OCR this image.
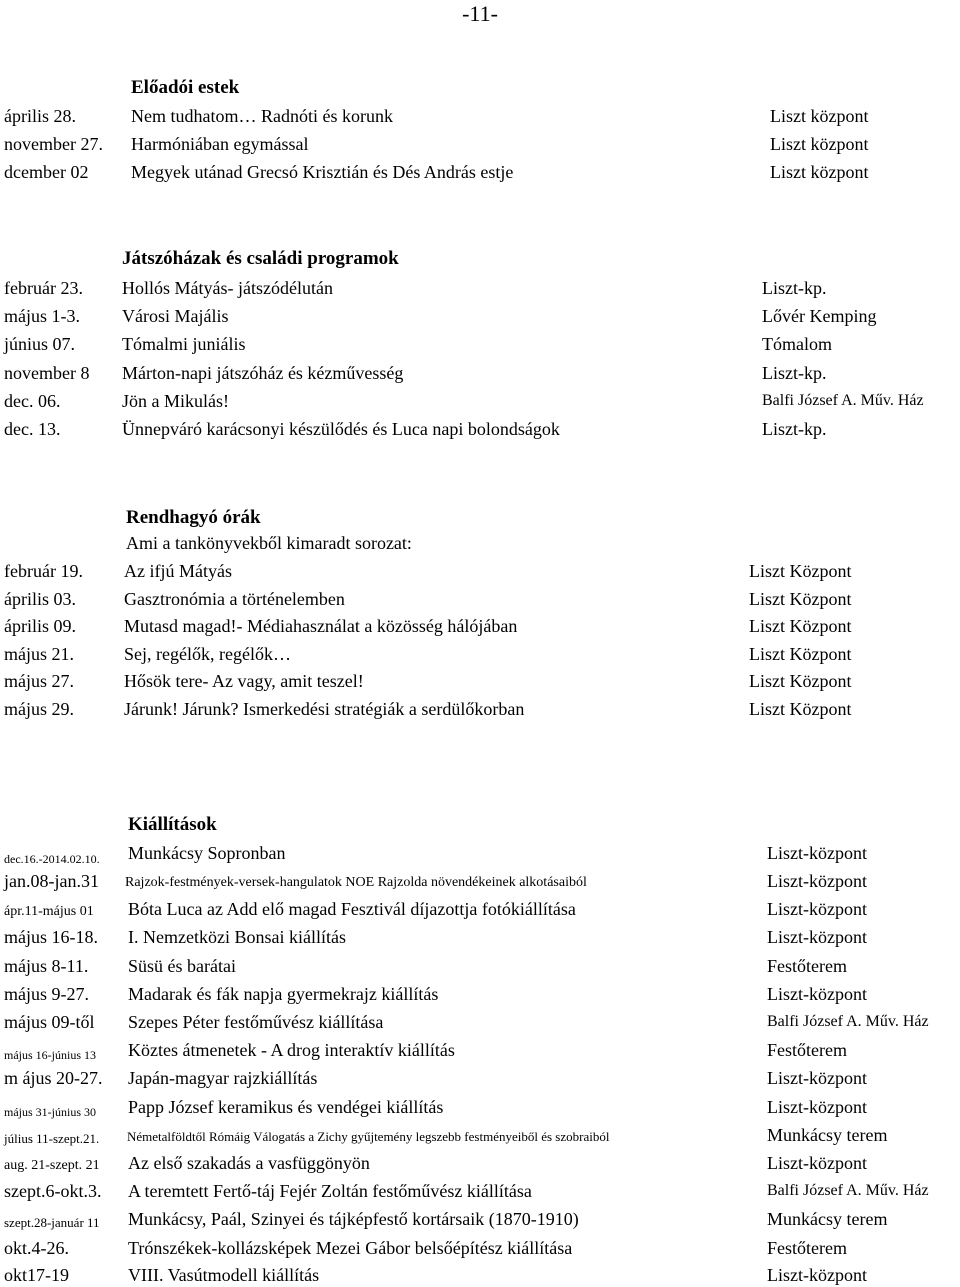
-11-
Előadói estek
április 28.	Nem tudhatom… Radnóti és korunk	Liszt központ
november 27. Harmóniában egymással	Liszt központ
dcember 02 Megyek utánad Grecsó Krisztián és Dés András estje	Liszt központ
Játszóházak és családi programok
február 23. Hollós Mátyás- játszódélután	Liszt-kp.
május 1-3. Városi Majális	Lővér Kemping
június 07.	Tómalmi juniális	Tómalom
november 8 Márton-napi játszóház és kézművesség	Liszt-kp.
dec. 06.	Jön a Mikulás!	Balfi József A. Műv. Ház
dec. 13.	Ünnepváró karácsonyi készülődés és Luca napi bolondságok	Liszt-kp.
Rendhagyó órák
Ami a tankönyvekből kimaradt sorozat:
február 19. Az ifjú Mátyás	Liszt Központ
április 03.	Gasztronómia a történelemben	Liszt Központ
április 09.	Mutasd magad!- Médiahasználat a közösség hálójában	Liszt Központ
május 21.	Sej, regélők, regélők…	Liszt Központ
május 27.	Hősök tere- Az vagy, amit teszel!	Liszt Központ
május 29.	Járunk! Járunk? Ismerkedési stratégiák a serdülőkorban	Liszt Központ
Kiállítások
dec.16.-2014.02.10. Munkácsy Sopronban	Liszt-központ
jan.08-jan.31 Rajzok-festmények-versek-hangulatok NOE Rajzolda növendékeinek alkotásaiból	Liszt-központ
ápr.11-május 01 Bóta Luca az Add elő magad Fesztivál díjazottja fotókiállítása	Liszt-központ
május 16-18. I. Nemzetközi Bonsai kiállítás	Liszt-központ
május 8-11. Süsü és barátai	Festőterem
május 9-27. Madarak és fák napja gyermekrajz kiállítás	Liszt-központ
május 09-től Szepes Péter festőművész kiállítása	Balfi József A. Műv. Ház
május 16-június 13 Köztes átmenetek - A drog interaktív kiállítás	Festőterem
m ájus 20-27. Japán-magyar rajzkiállítás	Liszt-központ
május 31-június 30 Papp József keramikus és vendégei kiállítás	Liszt-központ
július 11-szept.21. Németalföldtől Rómáig Válogatás a Zichy gyűjtemény legszebb festményeiből és szobraiból	Munkácsy terem
aug. 21-szept. 21 Az első szakadás a vasfüggönyön	Liszt-központ
szept.6-okt.3. A teremtett Fertő-táj Fejér Zoltán festőművész kiállítása	Balfi József A. Műv. Ház
szept.28-január 11 Munkácsy, Paál, Szinyei és tájképfestő kortársaik (1870-1910)	Munkácsy terem
okt.4-26.	Trónszékek-kollázsképek Mezei Gábor belsőépítész kiállítása	Festőterem
okt17-19	VIII. Vasútmodell kiállítás	Liszt-központ
